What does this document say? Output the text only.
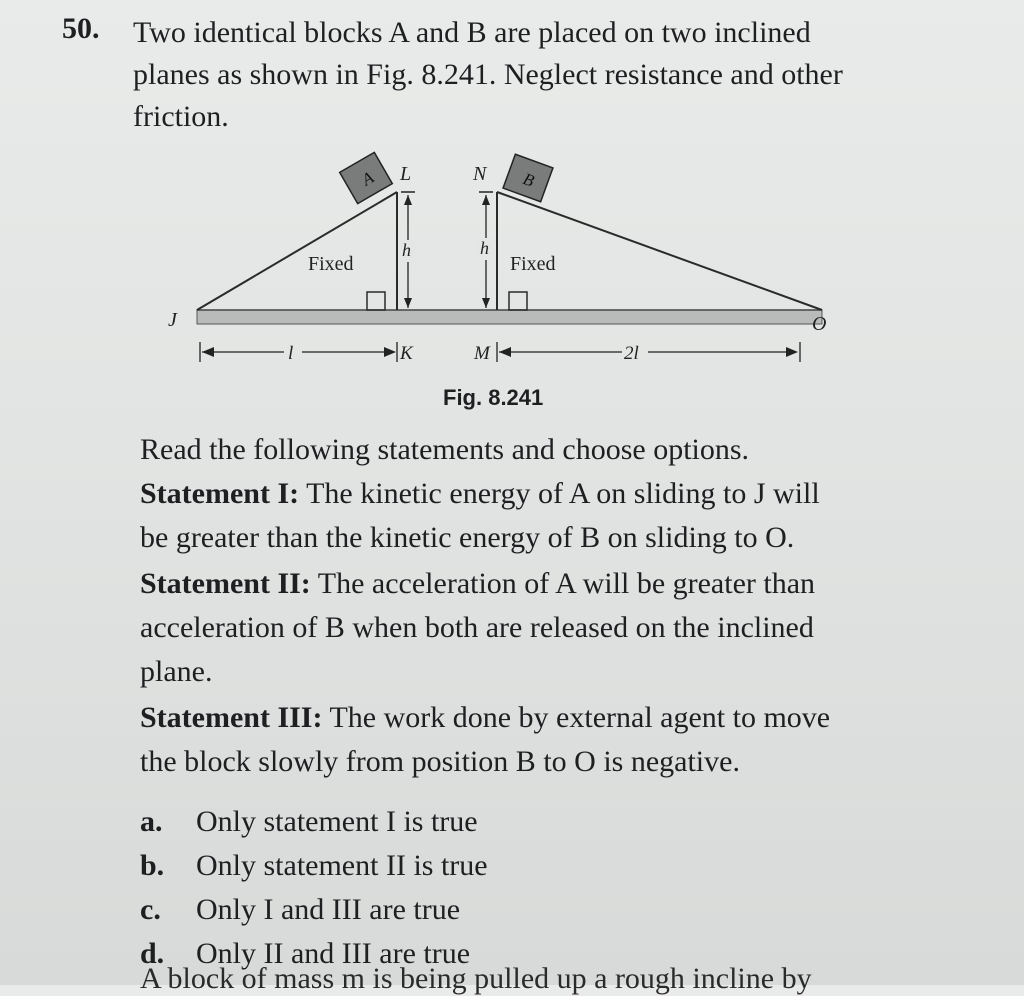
50. Two identical blocks A and B are placed on two inclined
planes as shown in Fig. 8.241. Neglect resistance and other
friction.
A	B
Fixed	Fixed
h
L
h
N
J	O
l	K	M	2l
Fig. 8.241
Read the following statements and choose options.
Statement I: The kinetic energy of A on sliding to J will
be greater than the kinetic energy of B on sliding to O.
Statement II: The acceleration of A will be greater than
acceleration of B when both are released on the inclined
plane.
Statement III: The work done by external agent to move
the block slowly from position B to O is negative.
a. Only statement I is true
b. Only statement II is true
c. Only I and III are true
d. Only II and III are true
A block of mass m is being pulled up a rough incline by
